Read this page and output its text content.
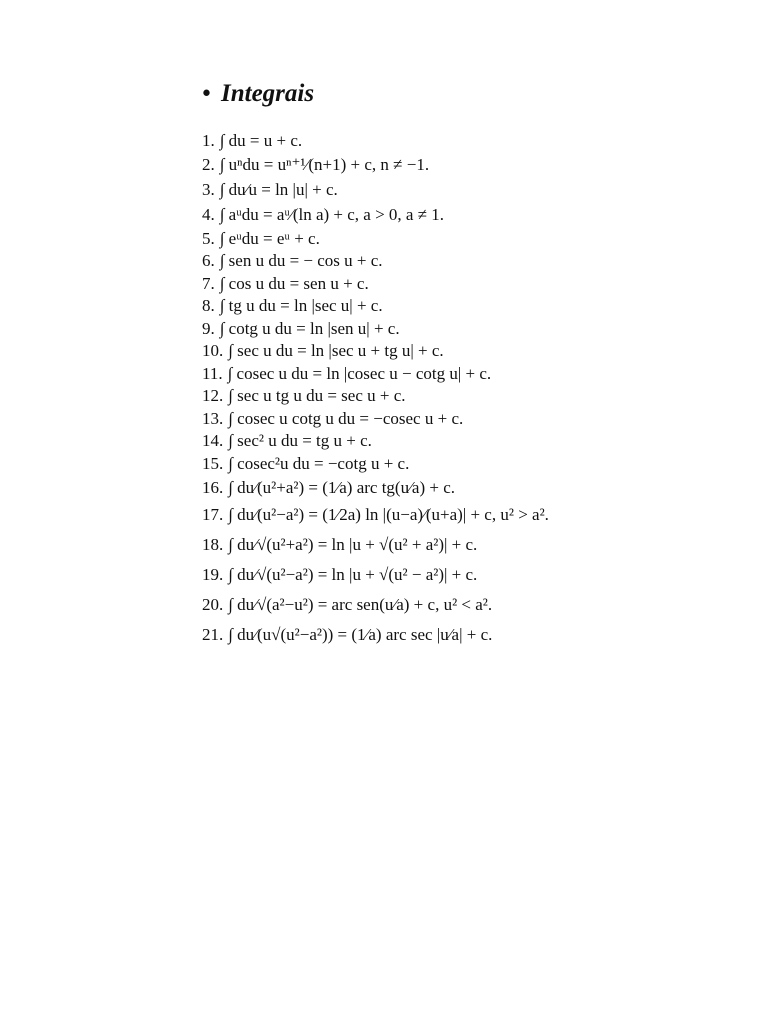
• Integrais
1. ∫ du = u + c.
2. ∫ uⁿdu = uⁿ⁺¹⁄(n+1) + c, n ≠ −1.
3. ∫ du⁄u = ln |u| + c.
4. ∫ aᵘdu = aᵘ⁄(ln a) + c, a > 0, a ≠ 1.
5. ∫ eᵘdu = eᵘ + c.
6. ∫ sen u du = − cos u + c.
7. ∫ cos u du = sen u + c.
8. ∫ tg u du = ln |sec u| + c.
9. ∫ cotg u du = ln |sen u| + c.
10. ∫ sec u du = ln |sec u + tg u| + c.
11. ∫ cosec u du = ln |cosec u − cotg u| + c.
12. ∫ sec u tg u du = sec u + c.
13. ∫ cosec u cotg u du = −cosec u + c.
14. ∫ sec² u du = tg u + c.
15. ∫ cosec²u du = −cotg u + c.
16. ∫ du⁄(u²+a²) = (1⁄a) arc tg(u⁄a) + c.
17. ∫ du⁄(u²−a²) = (1⁄2a) ln |(u−a)⁄(u+a)| + c, u² > a².
18. ∫ du⁄√(u²+a²) = ln |u + √(u² + a²)| + c.
19. ∫ du⁄√(u²−a²) = ln |u + √(u² − a²)| + c.
20. ∫ du⁄√(a²−u²) = arc sen(u⁄a) + c, u² < a².
21. ∫ du⁄(u√(u²−a²)) = (1⁄a) arc sec |u⁄a| + c.
